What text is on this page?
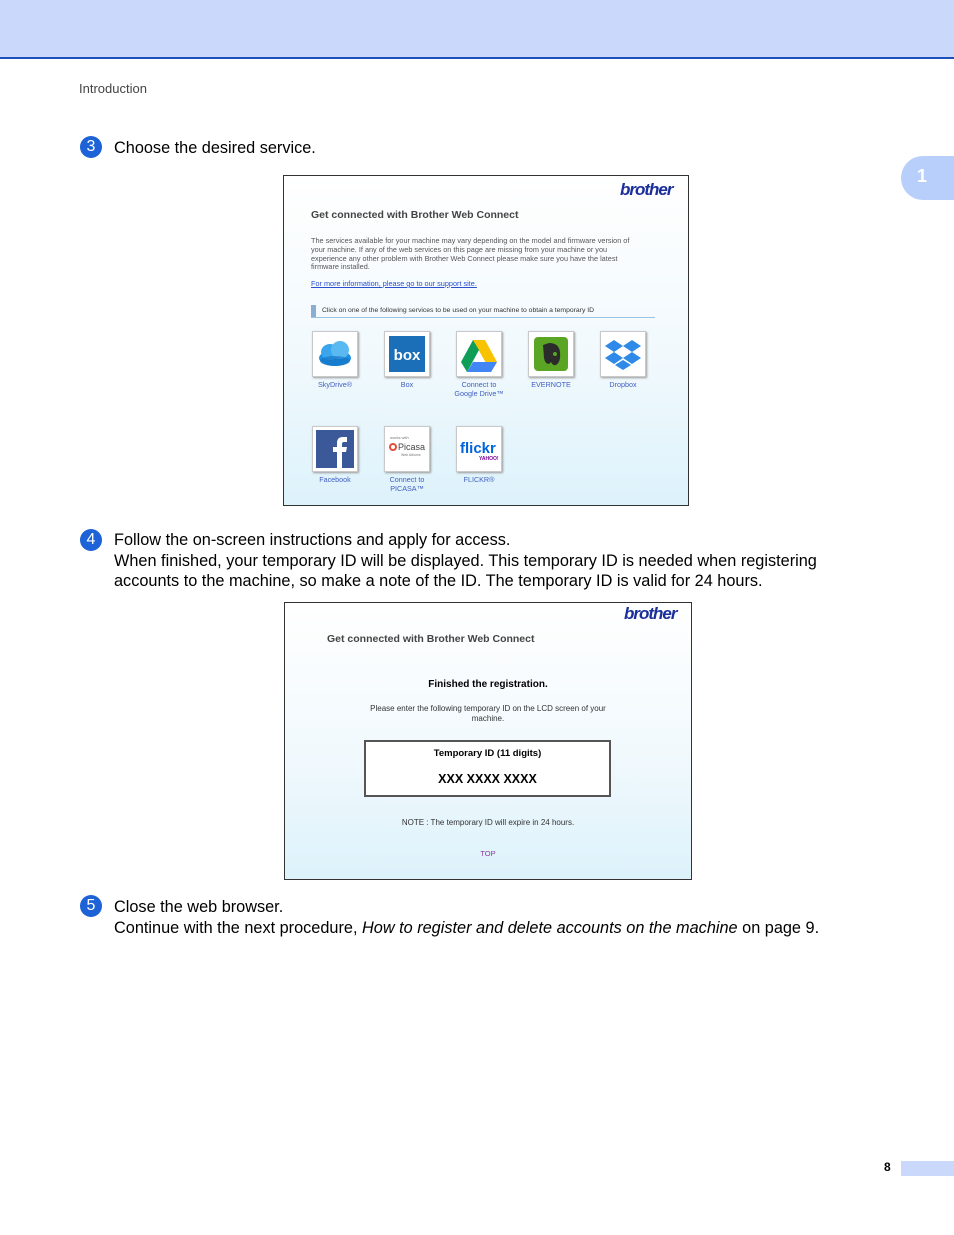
Introduction
1
3	Choose the desired service.
brother
Get connected with Brother Web Connect
The services available for your machine may vary depending on the model and firmware version of
your machine. If any of the web services on this page are missing from your machine or you
experience any other problem with Brother Web Connect please make sure you have the latest
firmware installed.
For more information, please go to our support site.
Click on one of the following services to be used on your machine to obtain a temporary ID
SkyDrive®
box
Box	Connect to
Google Drive™
EVERNOTE	Dropbox
Facebook
works with
Picasa
Web Albums
Connect to
PICASA™
flickr
YAHOO!
FLICKR®
4	Follow the on-screen instructions and apply for access.
When finished, your temporary ID will be displayed. This temporary ID is needed when registering
accounts to the machine, so make a note of the ID. The temporary ID is valid for 24 hours.
brother
Get connected with Brother Web Connect
Finished the registration.
Please enter the following temporary ID on the LCD screen of your
machine.
Temporary ID (11 digits)
XXX XXXX XXXX
NOTE : The temporary ID will expire in 24 hours.
TOP
5	Close the web browser.
Continue with the next procedure, How to register and delete accounts on the machine on page 9.
8
